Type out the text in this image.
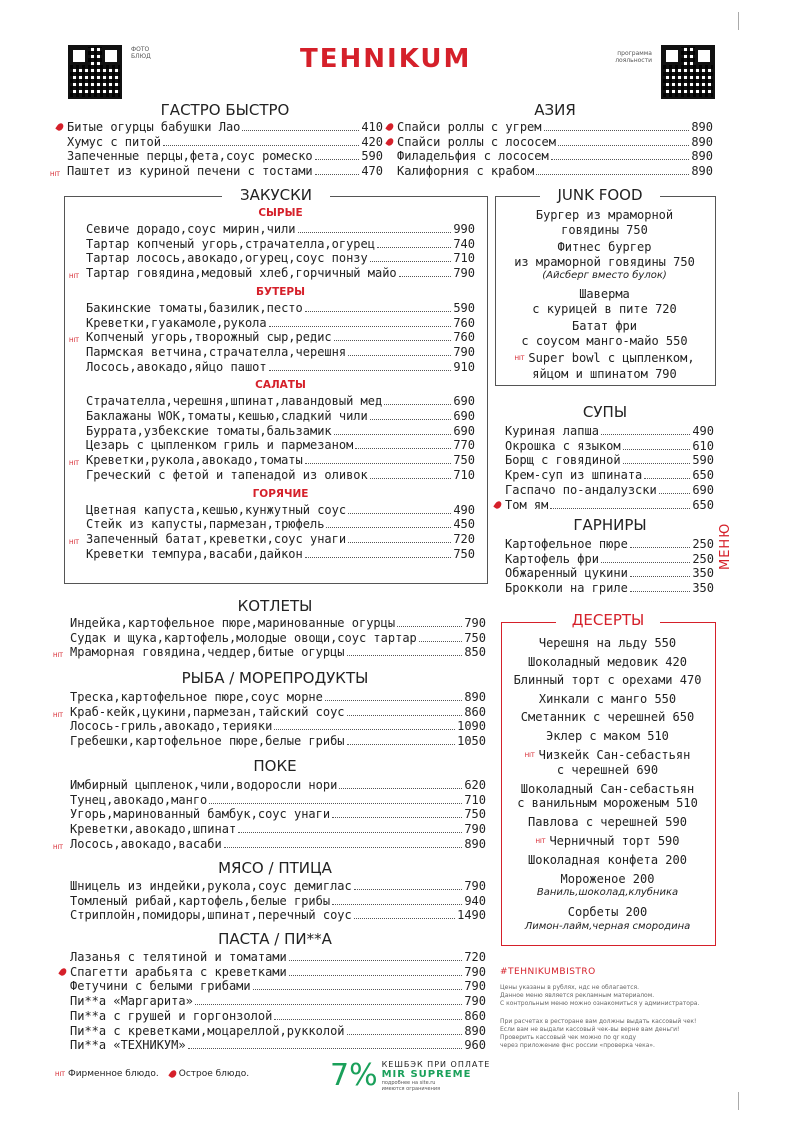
ФОТО
БЛЮД	TEHNIKUM	программа
лояльности
ГАСТРО БЫСТРО
Битые огурцы бабушки Лао	410
Хумус с питой	420
Запеченные перцы,фета,соус ромеско	590
HIT Паштет из куриной печени с тостами	470
АЗИЯ
Спайси роллы с угрем	890
Спайси роллы с лососем	890
Филадельфия с лососем	890
Калифорния с крабом	890
ЗАКУСКИ
СЫРЫЕ
Севиче дорадо,соус мирин,чили	990
Тартар копченый угорь,страчателла,огурец	740
Тартар лосось,авокадо,огурец,соус понзу	710
HIT Тартар говядина,медовый хлеб,горчичный майо	790
БУТЕРЫ
Бакинские томаты,базилик,песто	590
Креветки,гуакамоле,рукола	760
HIT Копченый угорь,творожный сыр,редис	760
Пармская ветчина,страчателла,черешня	790
Лосось,авокадо,яйцо пашот	910
САЛАТЫ
Страчателла,черешня,шпинат,лавандовый мед	690
Баклажаны WOK,томаты,кешью,сладкий чили	690
Буррата,узбекские томаты,бальзамик	690
Цезарь с цыпленком гриль и пармезаном	770
HIT Креветки,рукола,авокадо,томаты	750
Греческий с фетой и тапенадой из оливок	710
ГОРЯЧИЕ
Цветная капуста,кешью,кунжутный соус	490
Стейк из капусты,пармезан,трюфель	450
HIT Запеченный батат,креветки,соус унаги	720
Креветки темпура,васаби,дайкон	750
JUNK FOOD
Бургер из мраморной
говядины 750
Фитнес бургер
из мраморной говядины 750
(Айсберг вместо булок)
Шаверма
с курицей в пите 720
Батат фри
с соусом манго-майо 550
HIT Super bowl с цыпленком,
яйцом и шпинатом 790
СУПЫ
Куриная лапша	490
Окрошка с языком	610
Борщ с говядиной	590
Крем-суп из шпината	650
Гаспачо по-андалузски	690
Том ям	650
ГАРНИРЫ
Картофельное пюре	250
Картофель фри	250
Обжаренный цукини	350
Брокколи на гриле	350
МЕНЮ
ДЕСЕРТЫ
Черешня на льду 550
Шоколадный медовик 420
Блинный торт с орехами 470
Хинкали с манго 550
Сметанник с черешней 650
Эклер с маком 510
HIT Чизкейк Сан-себастьян
с черешней 690
Шоколадный Сан-себастьян
с ванильным мороженым 510
Павлова с черешней 590
HIT Черничный торт 590
Шоколадная конфета 200
Мороженое 200
Ваниль,шоколад,клубника
Сорбеты 200
Лимон-лайм,черная смородина
КОТЛЕТЫ
Индейка,картофельное пюре,маринованные огурцы	790
Судак и щука,картофель,молодые овощи,соус тартар	750
HIT Мраморная говядина,чеддер,битые огурцы	850
РЫБА / МОРЕПРОДУКТЫ
Треска,картофельное пюре,соус морне	890
HIT Краб-кейк,цукини,пармезан,тайский соус	860
Лосось-гриль,авокадо,терияки	1090
Гребешки,картофельное пюре,белые грибы	1050
ПОКЕ
Имбирный цыпленок,чили,водоросли нори	620
Тунец,авокадо,манго	710
Угорь,маринованный бамбук,соус унаги	750
Креветки,авокадо,шпинат	790
HIT Лосось,авокадо,васаби	890
МЯСО / ПТИЦА
Шницель из индейки,рукола,соус демиглас	790
Томленый рибай,картофель,белые грибы	940
Стриплойн,помидоры,шпинат,перечный соус	1490
ПАСТА / ПИ**А
Лазанья с телятиной и томатами	720
Спагетти арабьята с креветками	790
Фетучини с белыми грибами	790
Пи**а «Маргарита»	790
Пи**а с грушей и горгонзолой	860
Пи**а с креветками,моцареллой,рукколой	890
Пи**а «ТЕХНИКУМ»	960
#TEHNIKUMBISTRO
Цены указаны в рублях, ндс не облагается.
Данное меню является рекламным материалом.
С контрольным меню можно ознакомиться у администратора.
При расчетах в ресторане вам должны выдать кассовый чек!
Если вам не выдали кассовый чек-вы верне вам деньги!
Проверить кассовый чек можно по qr коду
через приложение фнс россии «проверка чека».
HIT Фирменное блюдо. Острое блюдо.	7% КЕШБЭК ПРИ ОПЛАТЕ
MIR SUPREME
подробнее на site.ru
имеются ограничения
